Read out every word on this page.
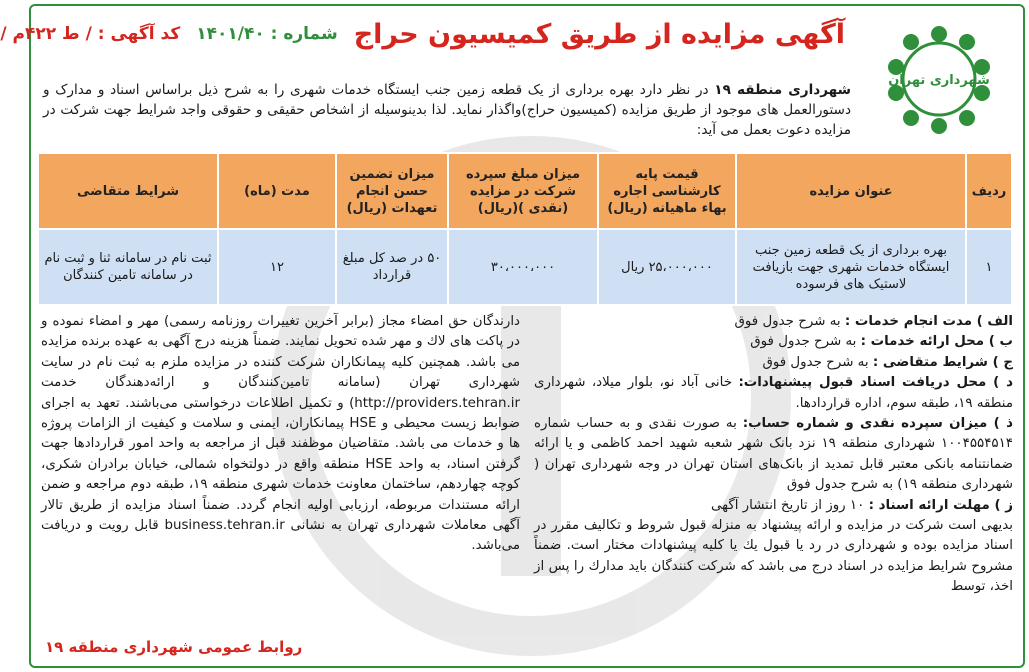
آگهی مزایده از طریق کمیسیون حراج
شماره : ۱۴۰۱/۴۰
کد آگهی : / ط ۴۲۲م /
شهرداری تهران
شهرداری منطقه ۱۹ در نظر دارد بهره برداری از یک قطعه زمین جنب ایستگاه خدمات شهری را به شرح ذیل براساس اسناد و مدارک و دستورالعمل های موجود از طریق مزایده (کمیسیون حراج)واگذار نماید. لذا بدینوسیله از اشخاص حقیقی و حقوقی واجد شرایط جهت شرکت در مزایده دعوت بعمل می آید:
ردیف	عنوان مزایده	قیمت پایه کارشناسی اجاره بهاء ماهیانه (ریال)	میزان مبلغ سپرده شرکت در مزایده (نقدی )(ریال)	میزان تضمین حسن انجام تعهدات (ریال)	مدت (ماه)	شرایط متقاضی
۱	بهره برداری از یک قطعه زمین جنب ایستگاه خدمات شهری جهت بازیافت لاستیک های فرسوده	۲۵،۰۰۰،۰۰۰ ریال	۳۰،۰۰۰،۰۰۰	۵۰ در صد کل مبلغ قرارداد	۱۲	ثبت نام در سامانه ثنا و ثبت نام در سامانه تامین کنندگان

الف ) مدت انجام خدمات : به شرح جدول فوق

ب ) محل ارائه خدمات : به شرح جدول فوق

ج ) شرایط متقاضی : به شرح جدول فوق

د ) محل دریافت اسناد قبول پیشنهادات: خانی آباد نو، بلوار میلاد، شهرداری منطقه ۱۹، طبقه سوم، اداره قراردادها.

ذ ) میزان سپرده نقدی و شماره حساب: به صورت نقدی و به حساب شماره ۱۰۰۴۵۵۴۵۱۴ شهرداری منطقه ۱۹ نزد بانک شهر شعبه شهید احمد کاظمی و یا ارائه ضمانتنامه بانکی معتبر قابل تمدید از بانک‌های استان تهران در وجه شهرداری تهران ( شهرداری منطقه ۱۹) به شرح جدول فوق

ز ) مهلت ارائه اسناد : ۱۰ روز از تاریخ انتشار آگهی

بدیهی است شرکت در مزایده و ارائه پیشنهاد به منزله قبول شروط و تکالیف مقرر در اسناد مزایده بوده و شهرداری در رد یا قبول یك یا کلیه پیشنهادات مختار است. ضمناً مشروح شرایط مزایده در اسناد درج می باشد که شرکت کنندگان باید مدارك را پس از اخذ، توسط

دارندگان حق امضاء مجاز (برابر آخرین تغییرات روزنامه رسمی) مهر و امضاء نموده و در پاکت های لاك و مهر شده تحویل نمایند. ضمناً هزینه درج آگهی به عهده برنده مزایده می باشد. همچنین کلیه پیمانکاران شرکت کننده در مزایده ملزم به ثبت نام در سایت شهرداری تهران (سامانه تامین‌کنندگان و ارائه‌دهندگان خدمت http://providers.tehran.ir) و تکمیل اطلاعات درخواستی می‌باشند. تعهد به اجرای ضوابط زیست محیطی و HSE پیمانکاران، ایمنی و سلامت و کیفیت از الزامات پروژه ها و خدمات می باشد. متقاضیان موظفند قبل از مراجعه به واحد امور قراردادها جهت گرفتن اسناد، به واحد HSE منطقه واقع در دولتخواه شمالی، خیابان برادران شکری، کوچه چهاردهم، ساختمان معاونت خدمات شهری منطقه ۱۹، طبقه دوم مراجعه و ضمن ارائه مستندات مربوطه، ارزیابی اولیه انجام گردد. ضمناً اسناد مزایده از طریق تالار آگهی معاملات شهرداری تهران به نشانی business.tehran.ir قابل رویت و دریافت می‌باشد.

روابط عمومی شهرداری منطقه ۱۹
